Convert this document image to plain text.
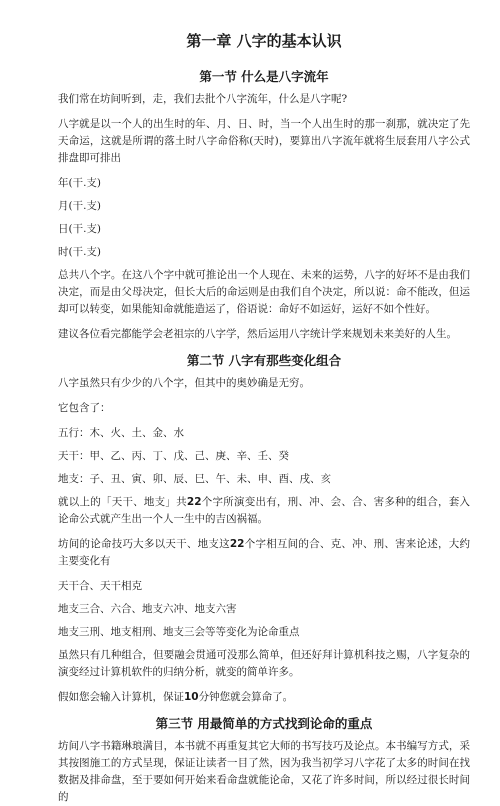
第一章 八字的基本认识
第一节 什么是八字流年

我们常在坊间听到，走，我们去批个八字流年，什么是八字呢?

八字就是以一个人的出生时的年、月、日、时，当一个人出生时的那一刹那，就决定了先天命运，这就是所谓的落土时八字命俗称(天时)，要算出八字流年就将生辰套用八字公式排盘即可排出

年(干.支)

月(干.支)

日(干.支)

时(干.支)

总共八个字。在这八个字中就可推论出一个人现在、未来的运势，八字的好坏不是由我们决定，而是由父母决定，但长大后的命运则是由我们自个决定，所以说：命不能改，但运却可以转变，如果能知命就能造运了，俗语说：命好不如运好，运好不如个性好。

建议各位看完都能学会老祖宗的八字学，然后运用八字统计学来规划未来美好的人生。

第二节 八字有那些变化组合

八字虽然只有少少的八个字，但其中的奥妙确是无穷。

它包含了：

五行：木、火、土、金、水

天干：甲、乙、丙、丁、戊、己、庚、辛、壬、癸

地支：子、丑、寅、卯、辰、巳、午、未、申、酉、戌、亥

就以上的「天干、地支」共22个字所演变出有，刑、冲、会、合、害多种的组合，套入论命公式就产生出一个人一生中的吉凶祸福。

坊间的论命技巧大多以天干、地支这22个字相互间的合、克、冲、刑、害来论述，大约主要变化有

天干合、天干相克

地支三合、六合、地支六冲、地支六害

地支三刑、地支相刑、地支三会等等变化为论命重点

虽然只有几种组合，但要融会贯通可没那么简单，但还好拜计算机科技之赐，八字复杂的演变经过计算机软件的归纳分析，就变的简单许多。

假如您会输入计算机，保证10分钟您就会算命了。

第三节 用最简单的方式找到论命的重点

坊间八字书籍琳琅满目，本书就不再重复其它大师的书写技巧及论点。本书编写方式，采其按图施工的方式呈现，保证让读者一目了然，因为我当初学习八字花了太多的时间在找数据及排命盘，至于要如何开始来看命盘就能论命，又花了许多时间，所以经过很长时间的
